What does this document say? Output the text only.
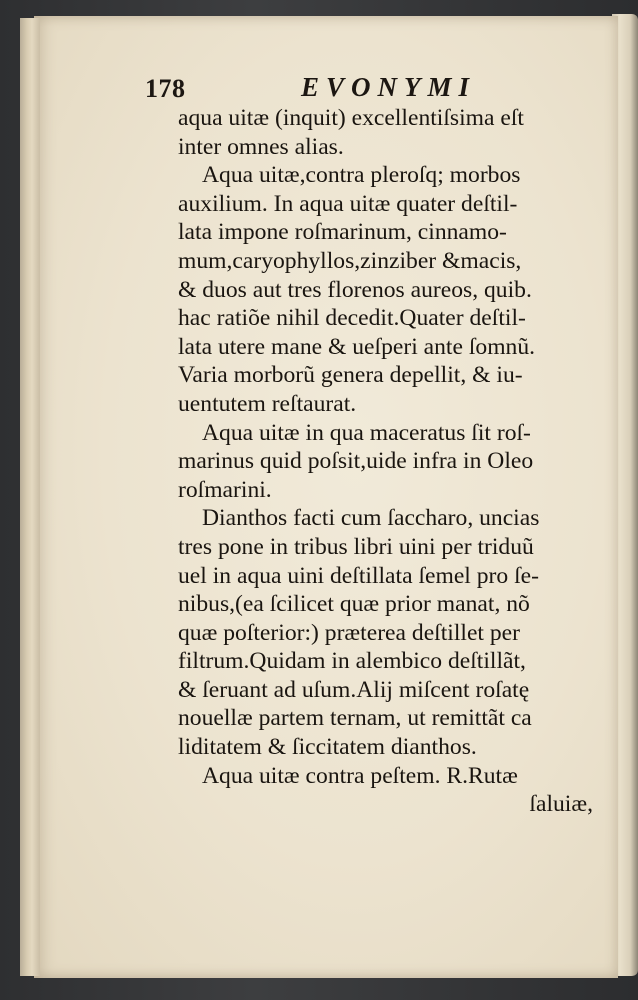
178	EVONYMI
aqua uitæ (inquit) excellentiſsima eſt
inter omnes alias.
Aqua uitæ,contra pleroſq; morbos
auxilium. In aqua uitæ quater deſtil-
lata impone roſmarinum, cinnamo-
mum,caryophyllos,zinziber &macis,
& duos aut tres florenos aureos, quib.
hac ratiõe nihil decedit.Quater deſtil-
lata utere mane & ueſperi ante ſomnũ.
Varia morborũ genera depellit, & iu-
uentutem reſtaurat.
Aqua uitæ in qua maceratus ſit roſ-
marinus quid poſsit,uide infra in Oleo
roſmarini.
Dianthos facti cum ſaccharo, uncias
tres pone in tribus libri uini per triduũ
uel in aqua uini deſtillata ſemel pro ſe-
nibus,(ea ſcilicet quæ prior manat, nõ
quæ poſterior:) præterea deſtillet per
filtrum.Quidam in alembico deſtillãt,
& ſeruant ad uſum.Alij miſcent roſatę
nouellæ partem ternam, ut remittãt ca
liditatem & ſiccitatem dianthos.
Aqua uitæ contra peſtem. R.Rutæ
ſaluiæ,
